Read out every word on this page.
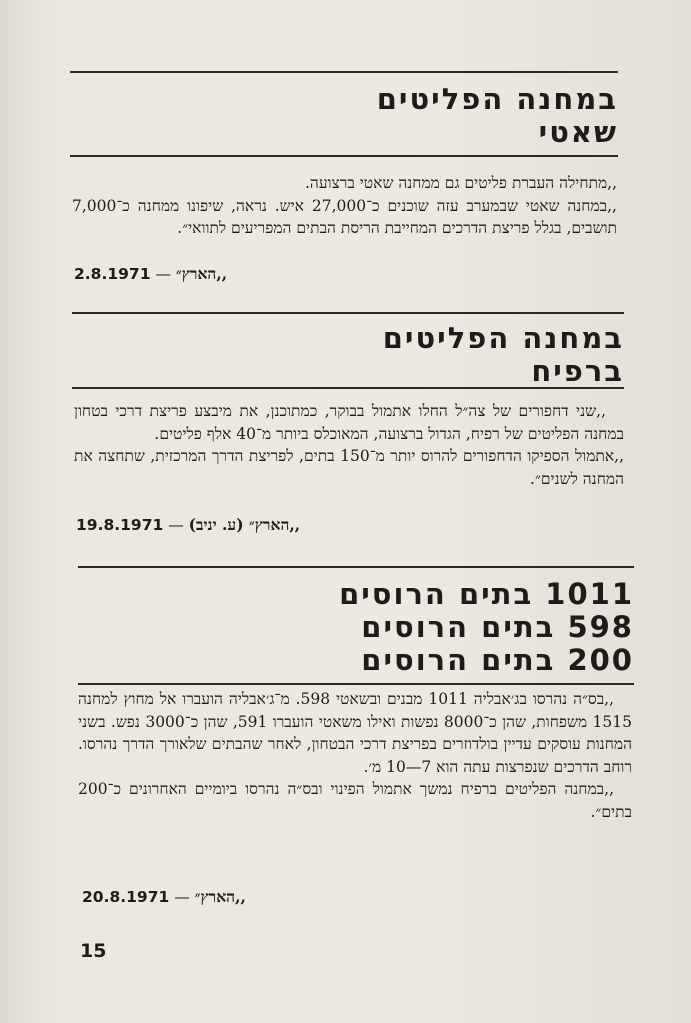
במחנה הפליטים
שאטי

,,מתחילה העברת פליטים גם ממחנה שאטי ברצועה.

,,במחנה שאטי שבמערב עזה שוכנים כ־27,000 איש. נראה, שיפונו ממחנה כ־7,000 תושבים, בגלל פריצת הדרכים המחייבת הריסת הבתים המפריעים לתוואי״.

2.8.1971 — ,,הארץ״
במחנה הפליטים
ברפיח

,,שני דחפורים של צה״ל החלו אתמול בבוקר, כמתוכנן, את מיבצע פריצת דרכי בטחון במחנה הפליטים של רפיח, הגדול ברצועה, המאוכלס ביותר מ־40 אלף פליטים.

,,אתמול הספיקו הדחפורים להרוס יותר מ־150 בתים, לפריצת הדרך המרכזית, שתחצה את המחנה לשנים״.

19.8.1971 — ,,הארץ״ (ע. יניב)
1011 בתים הרוסים
598 בתים הרוסים
200 בתים הרוסים

,,בס״ה נהרסו בג׳אבליה 1011 מבנים ובשאטי 598. מ־ג׳אבליה הועברו אל מחוץ למחנה 1515 משפחות, שהן כ־8000 נפשות ואילו משאטי הועברו 591, שהן כ־3000 נפש. בשני המחנות עוסקים עדיין בולדוזרים בפריצת דרכי הבטחון, לאחר שהבתים שלאורך הדרך נהרסו. רוחב הדרכים שנפרצות עתה הוא 7—10 מ׳.

,,במחנה הפליטים ברפיח נמשך אתמול הפינוי ובס״ה נהרסו ביומיים האחרונים כ־200 בתים״.

20.8.1971 — ,,הארץ״
15
